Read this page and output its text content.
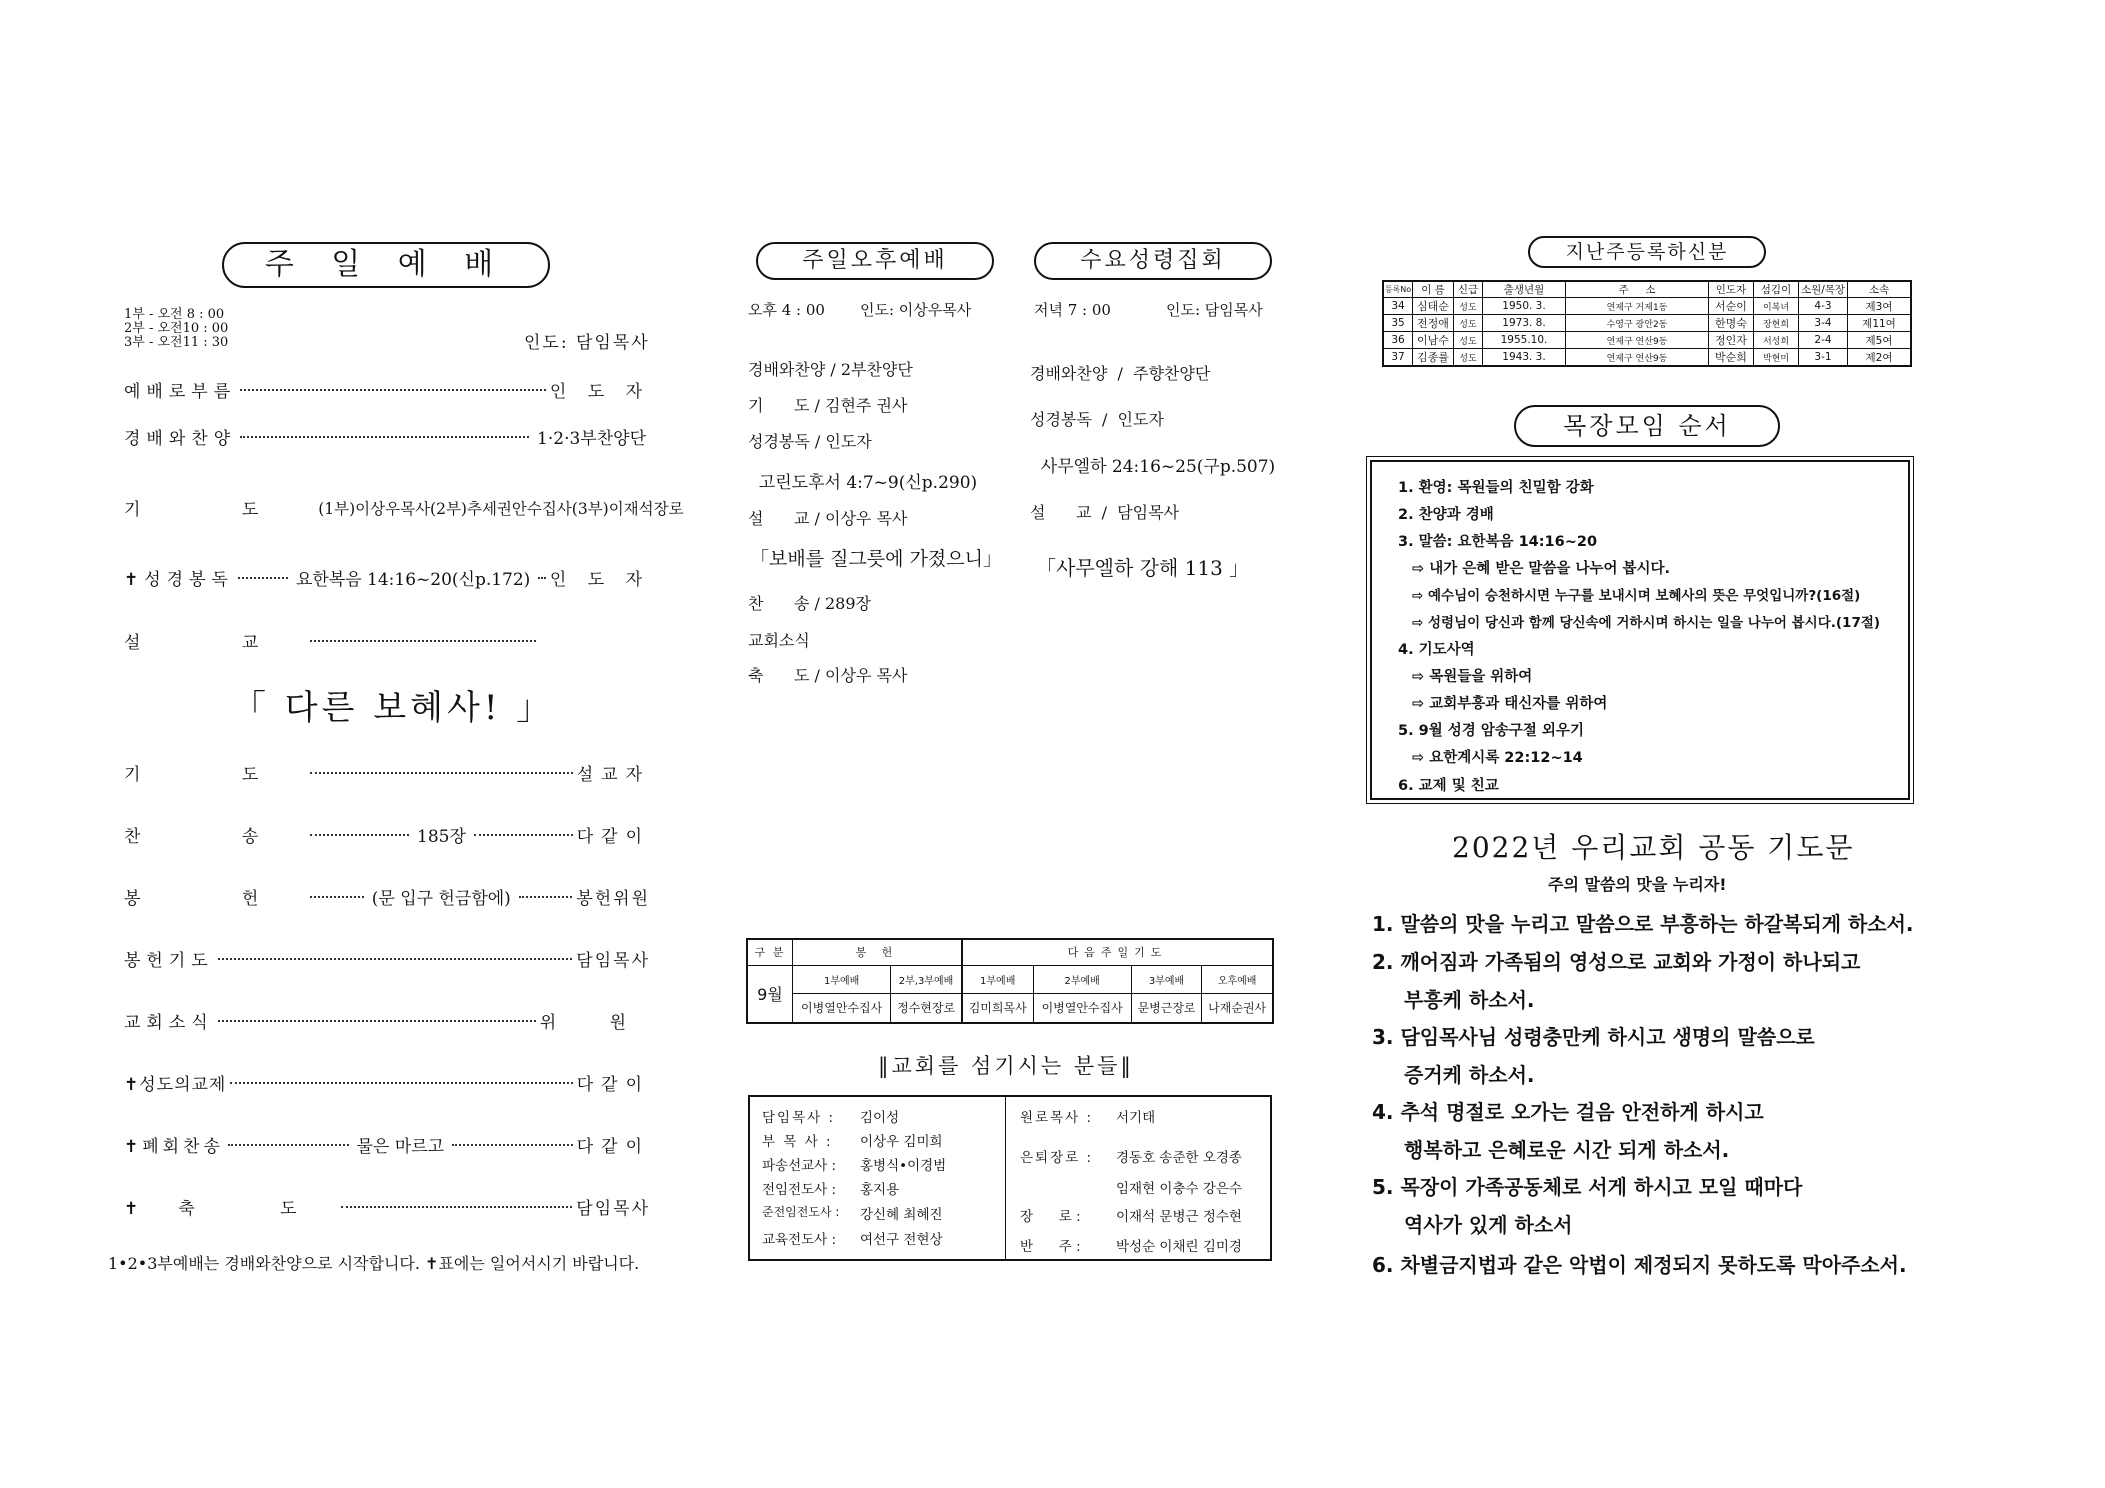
주 일 예 배
1부 - 오전 8 : 00
2부 - 오전10 : 00
3부 - 오전11 : 30	인도: 담임목사
예배로부름	인 도 자
경배와찬양	1·2·3부찬양단
기 도 (1부)이상우목사(2부)추세권안수집사(3부)이재석장로
✝성경봉독	요한복음 14:16~20(신p.172) 인 도 자
설 교
「 다른 보혜사! 」
기 도	설교자
찬 송	185장	다같이
봉 헌	(문 입구 헌금함에)	봉헌위원
봉헌기도	담임목사
교회소식	위 원
✝성도의교제	다같이
✝폐회찬송	물은 마르고	다같이
✝축 도	담임목사
1•2•3부예배는 경배와찬양으로 시작합니다. ✝표에는 일어서시기 바랍니다.
주일오후예배	수요성령집회
오후 4 : 00 인도: 이상우목사
경배와찬양 / 2부찬양단
기      도 / 김현주 권사
성경봉독 / 인도자
고린도후서 4:7~9(신p.290)
설      교 / 이상우 목사
「보배를 질그릇에 가졌으니」
찬      송 / 289장
교회소식
축      도 / 이상우 목사
저녁 7 : 00	인도: 담임목사
경배와찬양  /  주향찬양단
성경봉독  /  인도자
사무엘하 24:16~25(구p.507)
설      교  /  담임목사
「사무엘하 강해 113 」
구 분	봉 헌		다음주일기도			
9월	1부예배	2부,3부예배	1부예배	2부예배	3부예배	오후예배
	이병열안수집사	정수현장로	김미희목사	이병열안수집사	문병근장로	나재순권사
‖교회를 섬기시는 분들‖
담임목사 : 김이성
부 목 사 : 이상우 김미희
파송선교사 : 홍병식•이경범
전임전도사 : 홍지용
준전임전도사 : 강신혜 최혜진
교육전도사 : 여선구 전현상
원로목사 : 서기태
은퇴장로 : 경동호 송준한 오경종
임재현 이충수 강은수
장      로 :	이재석 문병근 정수현
반      주 :	박성순 이채린 김미경
지난주등록하신분
등록No	이 름	신급	출생년월	주     소	인도자	섬김이	소원/목장	소속
34	심태순	성도	1950. 3.	연제구 거제1동	서순이	이복녀	4-3	제3여
35	전정애	성도	1973. 8.	수영구 광안2동	한명숙	장현희	3-4	제11여
36	이남수	성도	1955.10.	연제구 연산9동	정인자	서성희	2-4	제5여
37	김종률	성도	1943. 3.	연제구 연산9동	박순희	박현미	3-1	제2여
목장모임 순서
1. 환영: 목원들의 친밀함 강화
2. 찬양과 경배
3. 말씀: 요한복음 14:16~20
⇨ 내가 은혜 받은 말씀을 나누어 봅시다.
⇨ 예수님이 승천하시면 누구를 보내시며 보혜사의 뜻은 무엇입니까?(16절)
⇨ 성령님이 당신과 함께 당신속에 거하시며 하시는 일을 나누어 봅시다.(17절)
4. 기도사역
⇨ 목원들을 위하여
⇨ 교회부흥과 태신자를 위하여
5. 9월 성경 암송구절 외우기
⇨ 요한계시록 22:12~14
6. 교제 및 친교
2022년 우리교회 공동 기도문
주의 말씀의 맛을 누리자!
1. 말씀의 맛을 누리고 말씀으로 부흥하는 하갈복되게 하소서.
2. 깨어짐과 가족됨의 영성으로 교회와 가정이 하나되고
부흥케 하소서.
3. 담임목사님 성령충만케 하시고 생명의 말씀으로
증거케 하소서.
4. 추석 명절로 오가는 걸음 안전하게 하시고
행복하고 은혜로운 시간 되게 하소서.
5. 목장이 가족공동체로 서게 하시고 모일 때마다
역사가 있게 하소서
6. 차별금지법과 같은 악법이 제정되지 못하도록 막아주소서.
